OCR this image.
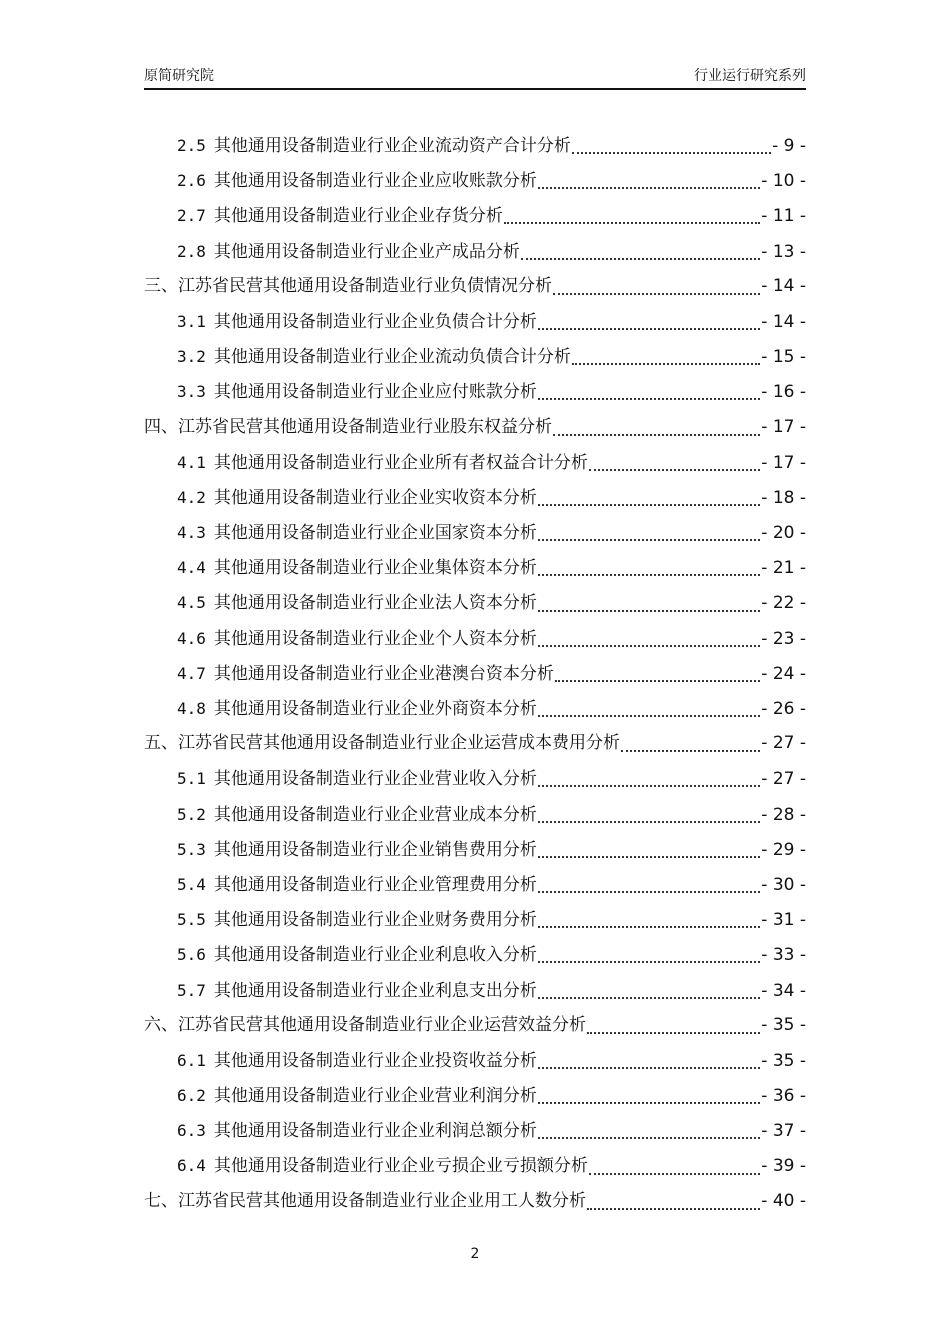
原简研究院	行业运行研究系列
2.5 其他通用设备制造业行业企业流动资产合计分析	- 9 -
2.6 其他通用设备制造业行业企业应收账款分析	- 10 -
2.7 其他通用设备制造业行业企业存货分析	- 11 -
2.8 其他通用设备制造业行业企业产成品分析	- 13 -
三、江苏省民营其他通用设备制造业行业负债情况分析	- 14 -
3.1 其他通用设备制造业行业企业负债合计分析	- 14 -
3.2 其他通用设备制造业行业企业流动负债合计分析	- 15 -
3.3 其他通用设备制造业行业企业应付账款分析	- 16 -
四、江苏省民营其他通用设备制造业行业股东权益分析	- 17 -
4.1 其他通用设备制造业行业企业所有者权益合计分析	- 17 -
4.2 其他通用设备制造业行业企业实收资本分析	- 18 -
4.3 其他通用设备制造业行业企业国家资本分析	- 20 -
4.4 其他通用设备制造业行业企业集体资本分析	- 21 -
4.5 其他通用设备制造业行业企业法人资本分析	- 22 -
4.6 其他通用设备制造业行业企业个人资本分析	- 23 -
4.7 其他通用设备制造业行业企业港澳台资本分析	- 24 -
4.8 其他通用设备制造业行业企业外商资本分析	- 26 -
五、江苏省民营其他通用设备制造业行业企业运营成本费用分析	- 27 -
5.1 其他通用设备制造业行业企业营业收入分析	- 27 -
5.2 其他通用设备制造业行业企业营业成本分析	- 28 -
5.3 其他通用设备制造业行业企业销售费用分析	- 29 -
5.4 其他通用设备制造业行业企业管理费用分析	- 30 -
5.5 其他通用设备制造业行业企业财务费用分析	- 31 -
5.6 其他通用设备制造业行业企业利息收入分析	- 33 -
5.7 其他通用设备制造业行业企业利息支出分析	- 34 -
六、江苏省民营其他通用设备制造业行业企业运营效益分析	- 35 -
6.1 其他通用设备制造业行业企业投资收益分析	- 35 -
6.2 其他通用设备制造业行业企业营业利润分析	- 36 -
6.3 其他通用设备制造业行业企业利润总额分析	- 37 -
6.4 其他通用设备制造业行业企业亏损企业亏损额分析	- 39 -
七、江苏省民营其他通用设备制造业行业企业用工人数分析	- 40 -
2
